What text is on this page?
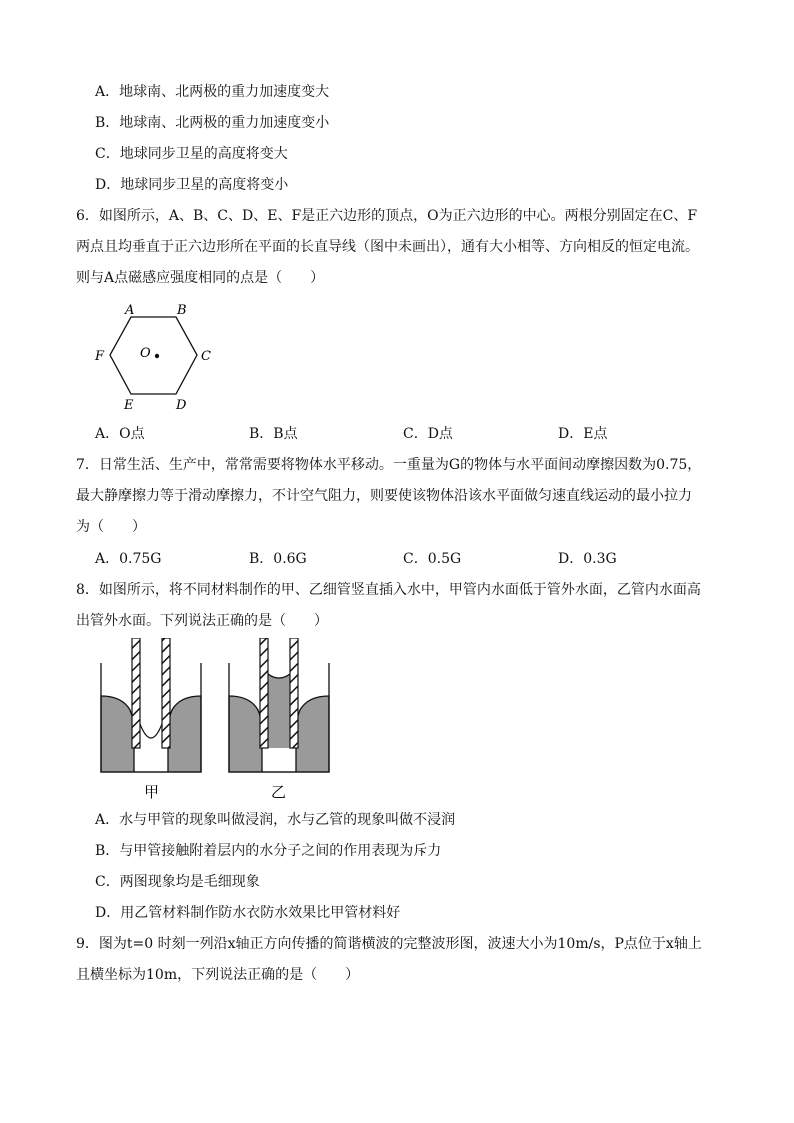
A．地球南、北两极的重力加速度变大
B．地球南、北两极的重力加速度变小
C．地球同步卫星的高度将变大
D．地球同步卫星的高度将变小
6．如图所示，A、B、C、D、E、F是正六边形的顶点，O为正六边形的中心。两根分别固定在C、F
两点且均垂直于正六边形所在平面的长直导线（图中未画出），通有大小相等、方向相反的恒定电流。
则与A点磁感应强度相同的点是（　　）
A	B
C
D
E
F	O
A．O点	B．B点	C．D点	D．E点
7．日常生活、生产中，常常需要将物体水平移动。一重量为G的物体与水平面间动摩擦因数为0.75，
最大静摩擦力等于滑动摩擦力，不计空气阻力，则要使该物体沿该水平面做匀速直线运动的最小拉力
为（　　）
A．0.75G	B．0.6G	C．0.5G	D．0.3G
8．如图所示，将不同材料制作的甲、乙细管竖直插入水中，甲管内水面低于管外水面，乙管内水面高
出管外水面。下列说法正确的是（　　）
甲	乙
A．水与甲管的现象叫做浸润，水与乙管的现象叫做不浸润
B．与甲管接触附着层内的水分子之间的作用表现为斥力
C．两图现象均是毛细现象
D．用乙管材料制作防水衣防水效果比甲管材料好
9．图为t=0 时刻一列沿x轴正方向传播的简谐横波的完整波形图，波速大小为10m/s，P点位于x轴上
且横坐标为10m，下列说法正确的是（　　）
